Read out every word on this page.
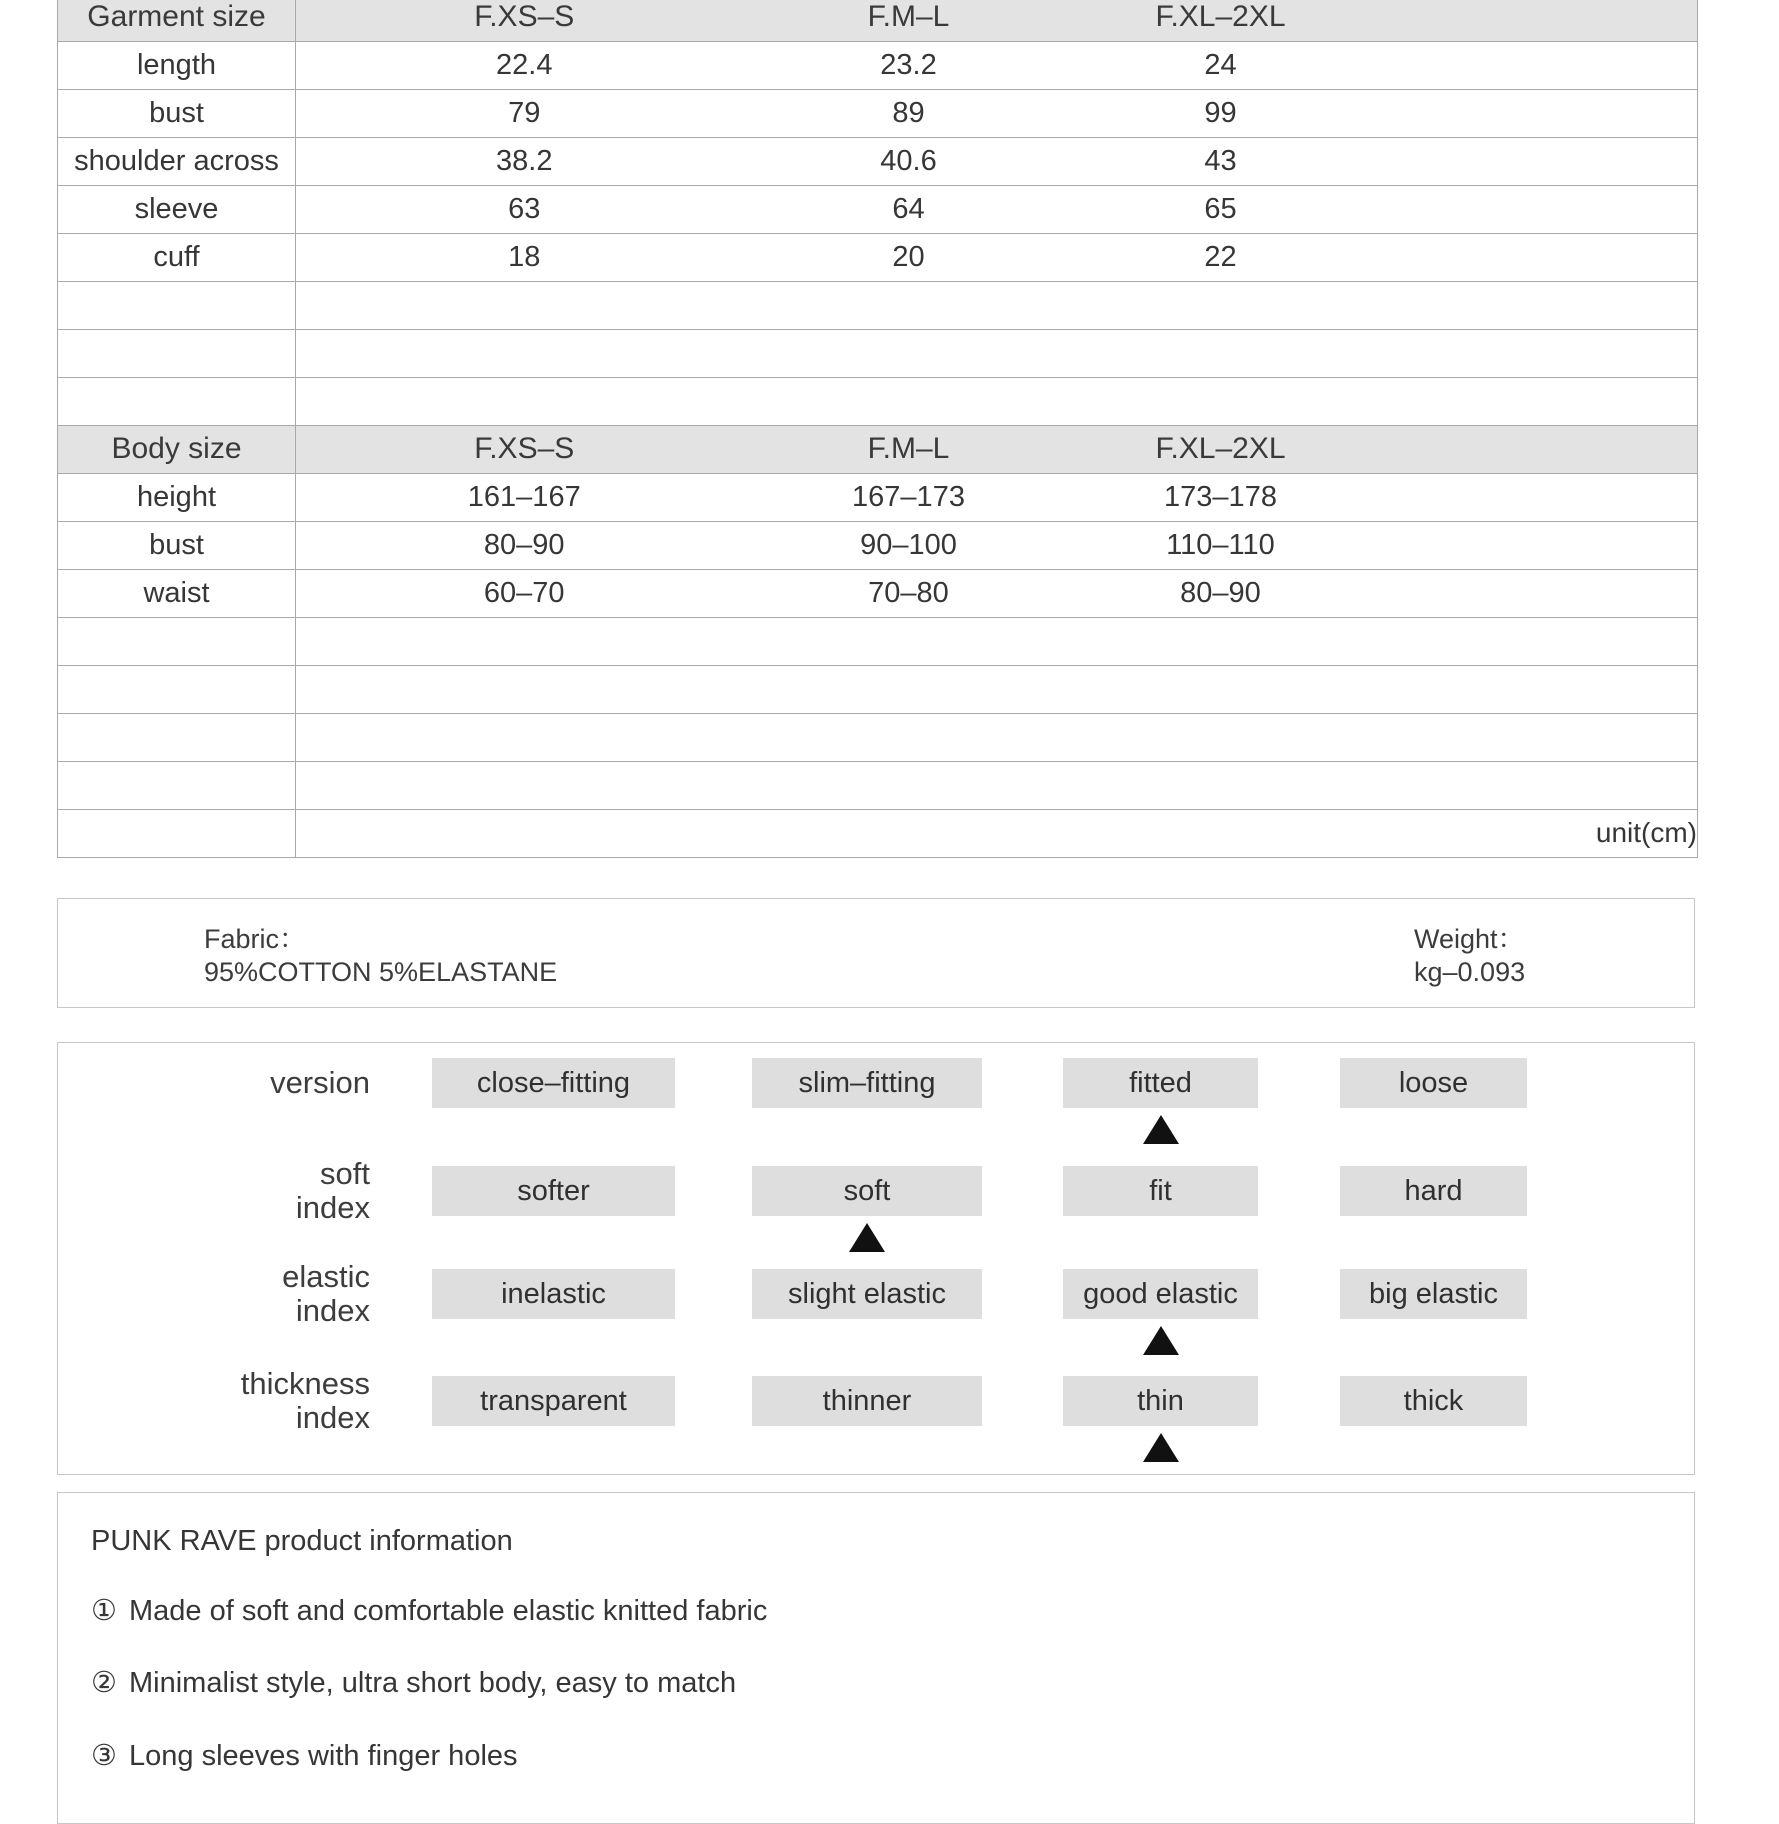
Garment size	F.XS–S	F.M–L	F.XL–2XL	
length	22.4	23.2	24	
bust	79	89	99	
shoulder across	38.2	40.6	43	
sleeve	63	64	65	
cuff	18	20	22	

Body size	F.XS–S	F.M–L	F.XL–2XL	
height	161–167	167–173	173–178	
bust	80–90	90–100	110–110	
waist	60–70	70–80	80–90	

	unit(cm)			
Fabric：
95%COTTON 5%ELASTANE
Weight：
kg–0.093
version	close–fitting	slim–fitting	fitted	loose
soft
index	softer	soft	fit	hard
elastic
index	inelastic	slight elastic	good elastic	big elastic
thickness
index	transparent	thinner	thin	thick
PUNK RAVE product information
① Made of soft and comfortable elastic knitted fabric
② Minimalist style, ultra short body, easy to match
③ Long sleeves with finger holes
